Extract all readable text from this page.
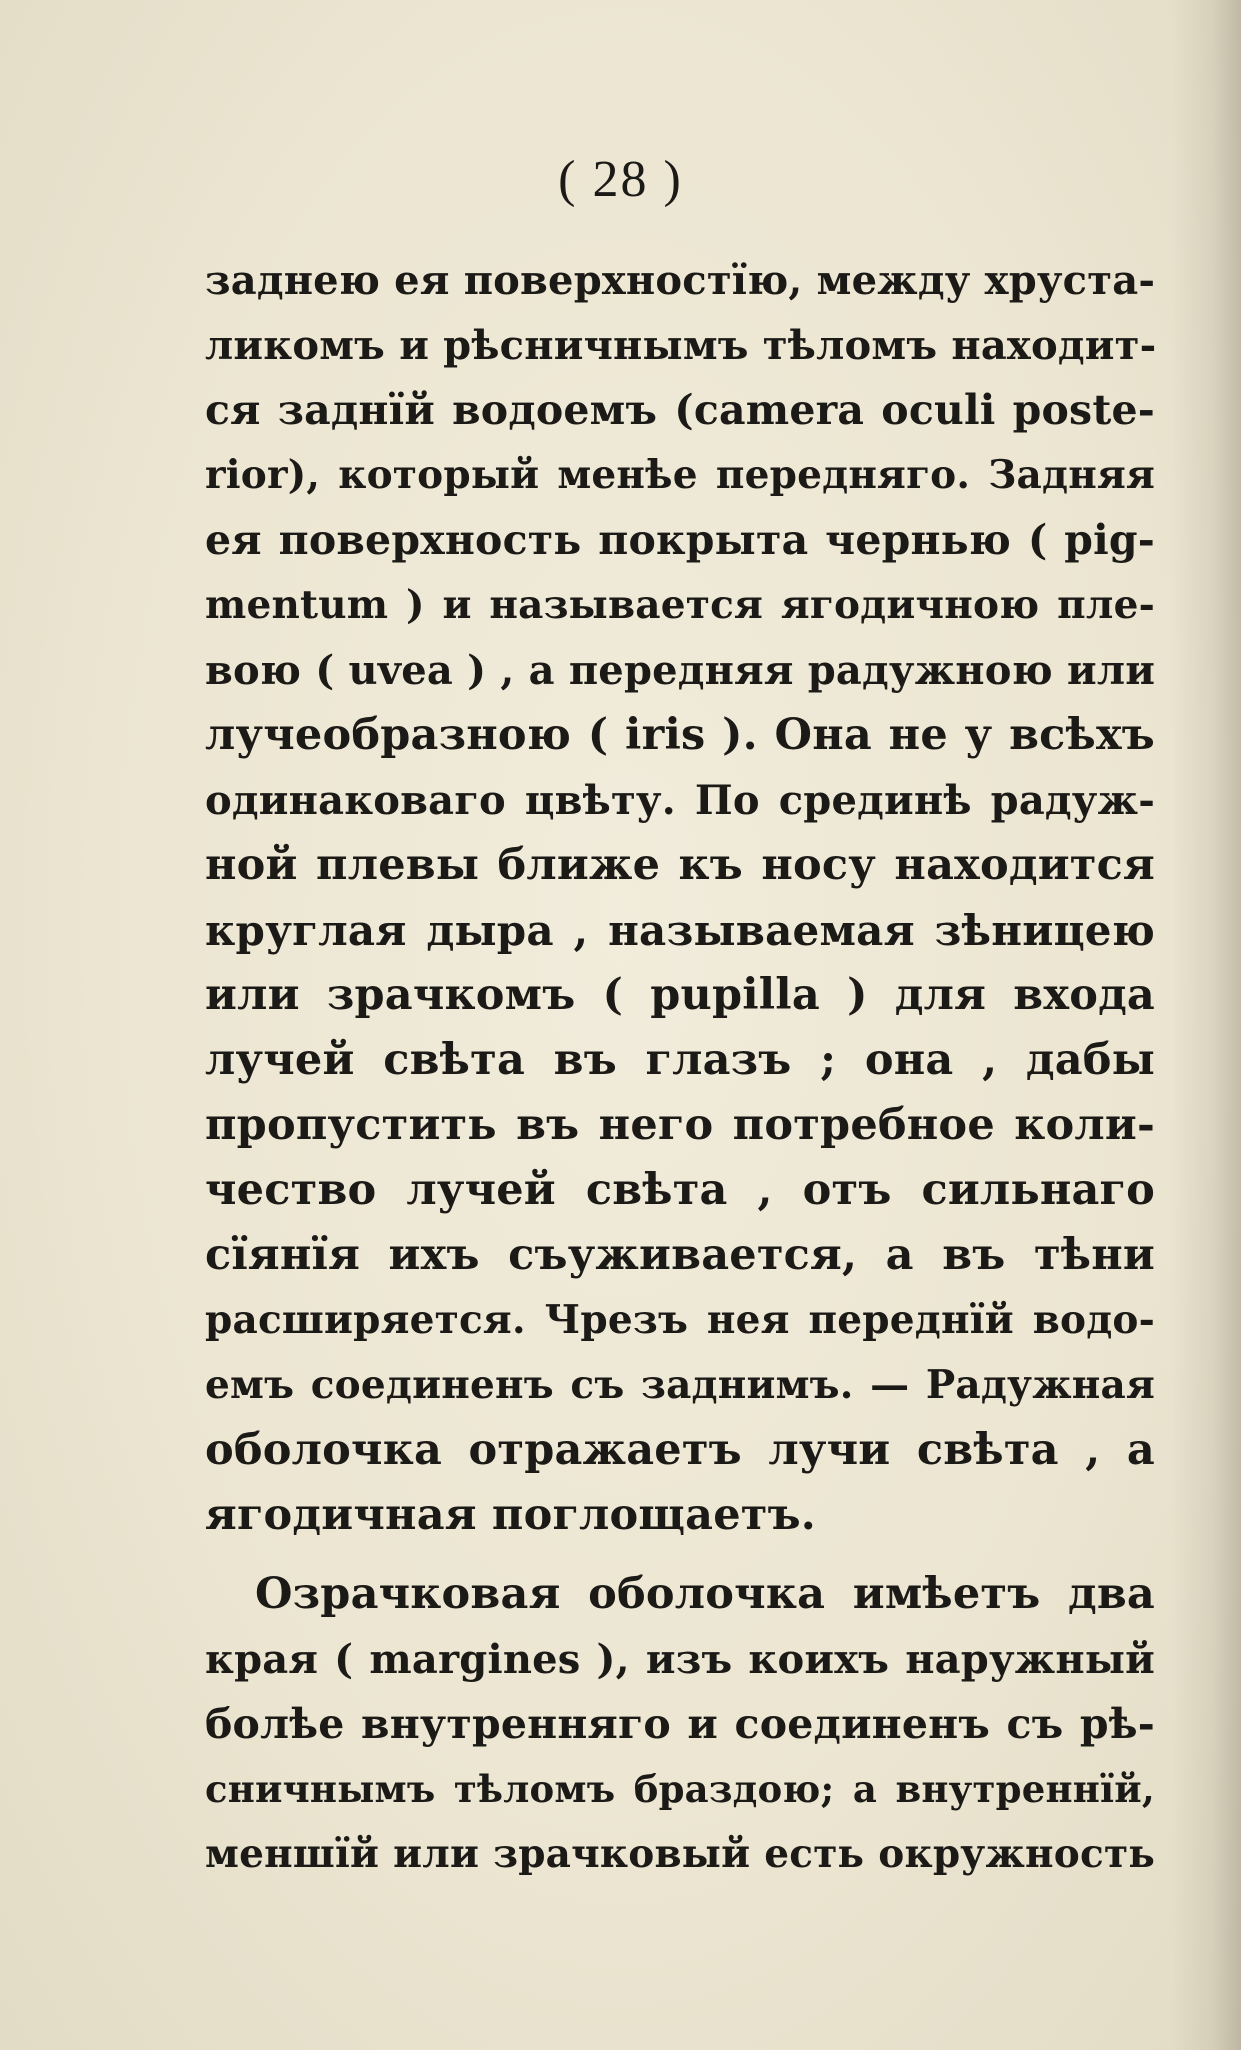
( 28 )
заднею ея поверхностїю, между хруста-
ликомъ и рѣсничнымъ тѣломъ находит-
ся заднїй водоемъ (camera oculi poste-
rior), который менѣе передняго. Задняя
ея поверхность покрыта чернью ( pig-
mentum ) и называется ягодичною пле-
вою ( uvea ) , а передняя радужною или
лучеобразною ( iris ). Она не у всѣхъ
одинаковаго цвѣту. По срединѣ радуж-
ной плевы ближе къ носу находится
круглая дыра , называемая зѣницею
или зрачкомъ ( pupilla ) для входа
лучей свѣта въ глазъ ; она , дабы
пропустить въ него потребное коли-
чество лучей свѣта , отъ сильнаго
сїянїя ихъ съуживается, а въ тѣни
расширяется. Чрезъ нея переднїй водо-
емъ соединенъ съ заднимъ. — Радужная
оболочка отражаетъ лучи свѣта , а
ягодичная поглощаетъ.
Озрачковая оболочка имѣетъ два
края ( margines ), изъ коихъ наружный
болѣе внутренняго и соединенъ съ рѣ-
сничнымъ тѣломъ браздою; а внутреннїй,
меншїй или зрачковый есть окружность
